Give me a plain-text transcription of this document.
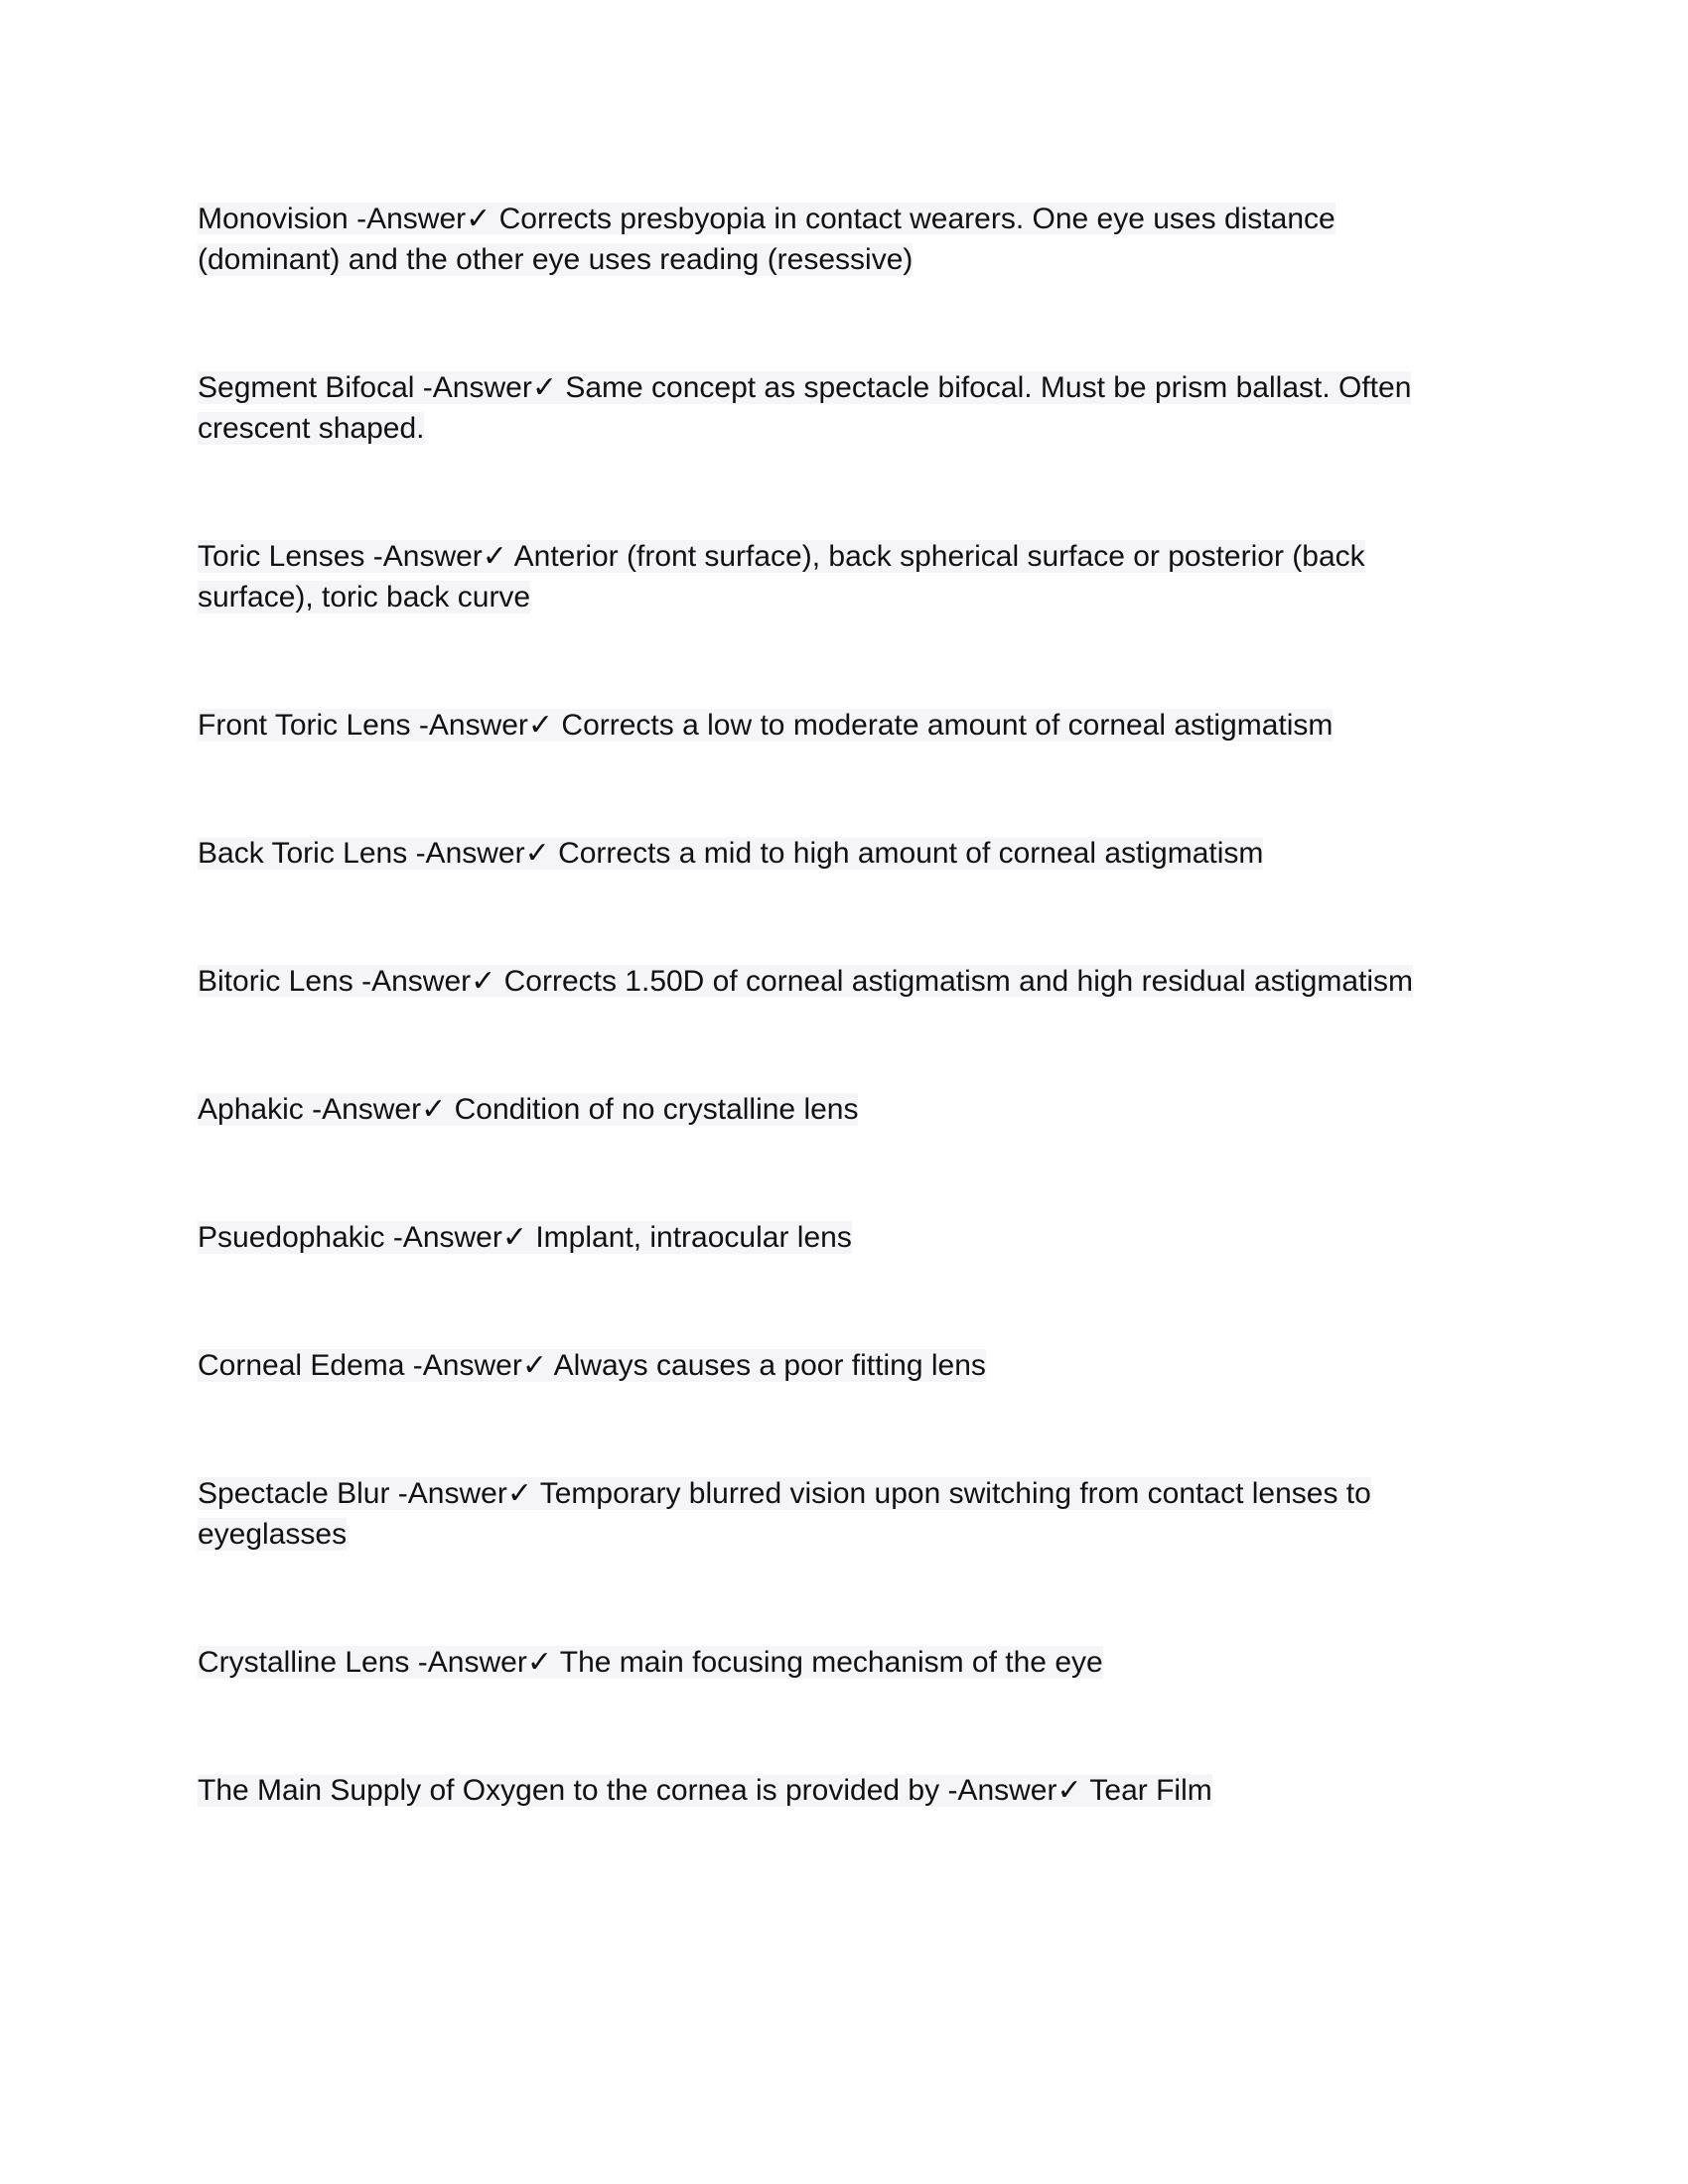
Monovision -Answer✓ Corrects presbyopia in contact wearers. One eye uses distance (dominant) and the other eye uses reading (resessive)

Segment Bifocal -Answer✓ Same concept as spectacle bifocal. Must be prism ballast. Often crescent shaped.

Toric Lenses -Answer✓ Anterior (front surface), back spherical surface or posterior (back surface), toric back curve

Front Toric Lens -Answer✓ Corrects a low to moderate amount of corneal astigmatism

Back Toric Lens -Answer✓ Corrects a mid to high amount of corneal astigmatism

Bitoric Lens -Answer✓ Corrects 1.50D of corneal astigmatism and high residual astigmatism

Aphakic -Answer✓ Condition of no crystalline lens

Psuedophakic -Answer✓ Implant, intraocular lens

Corneal Edema -Answer✓ Always causes a poor fitting lens

Spectacle Blur -Answer✓ Temporary blurred vision upon switching from contact lenses to eyeglasses

Crystalline Lens -Answer✓ The main focusing mechanism of the eye

The Main Supply of Oxygen to the cornea is provided by -Answer✓ Tear Film
